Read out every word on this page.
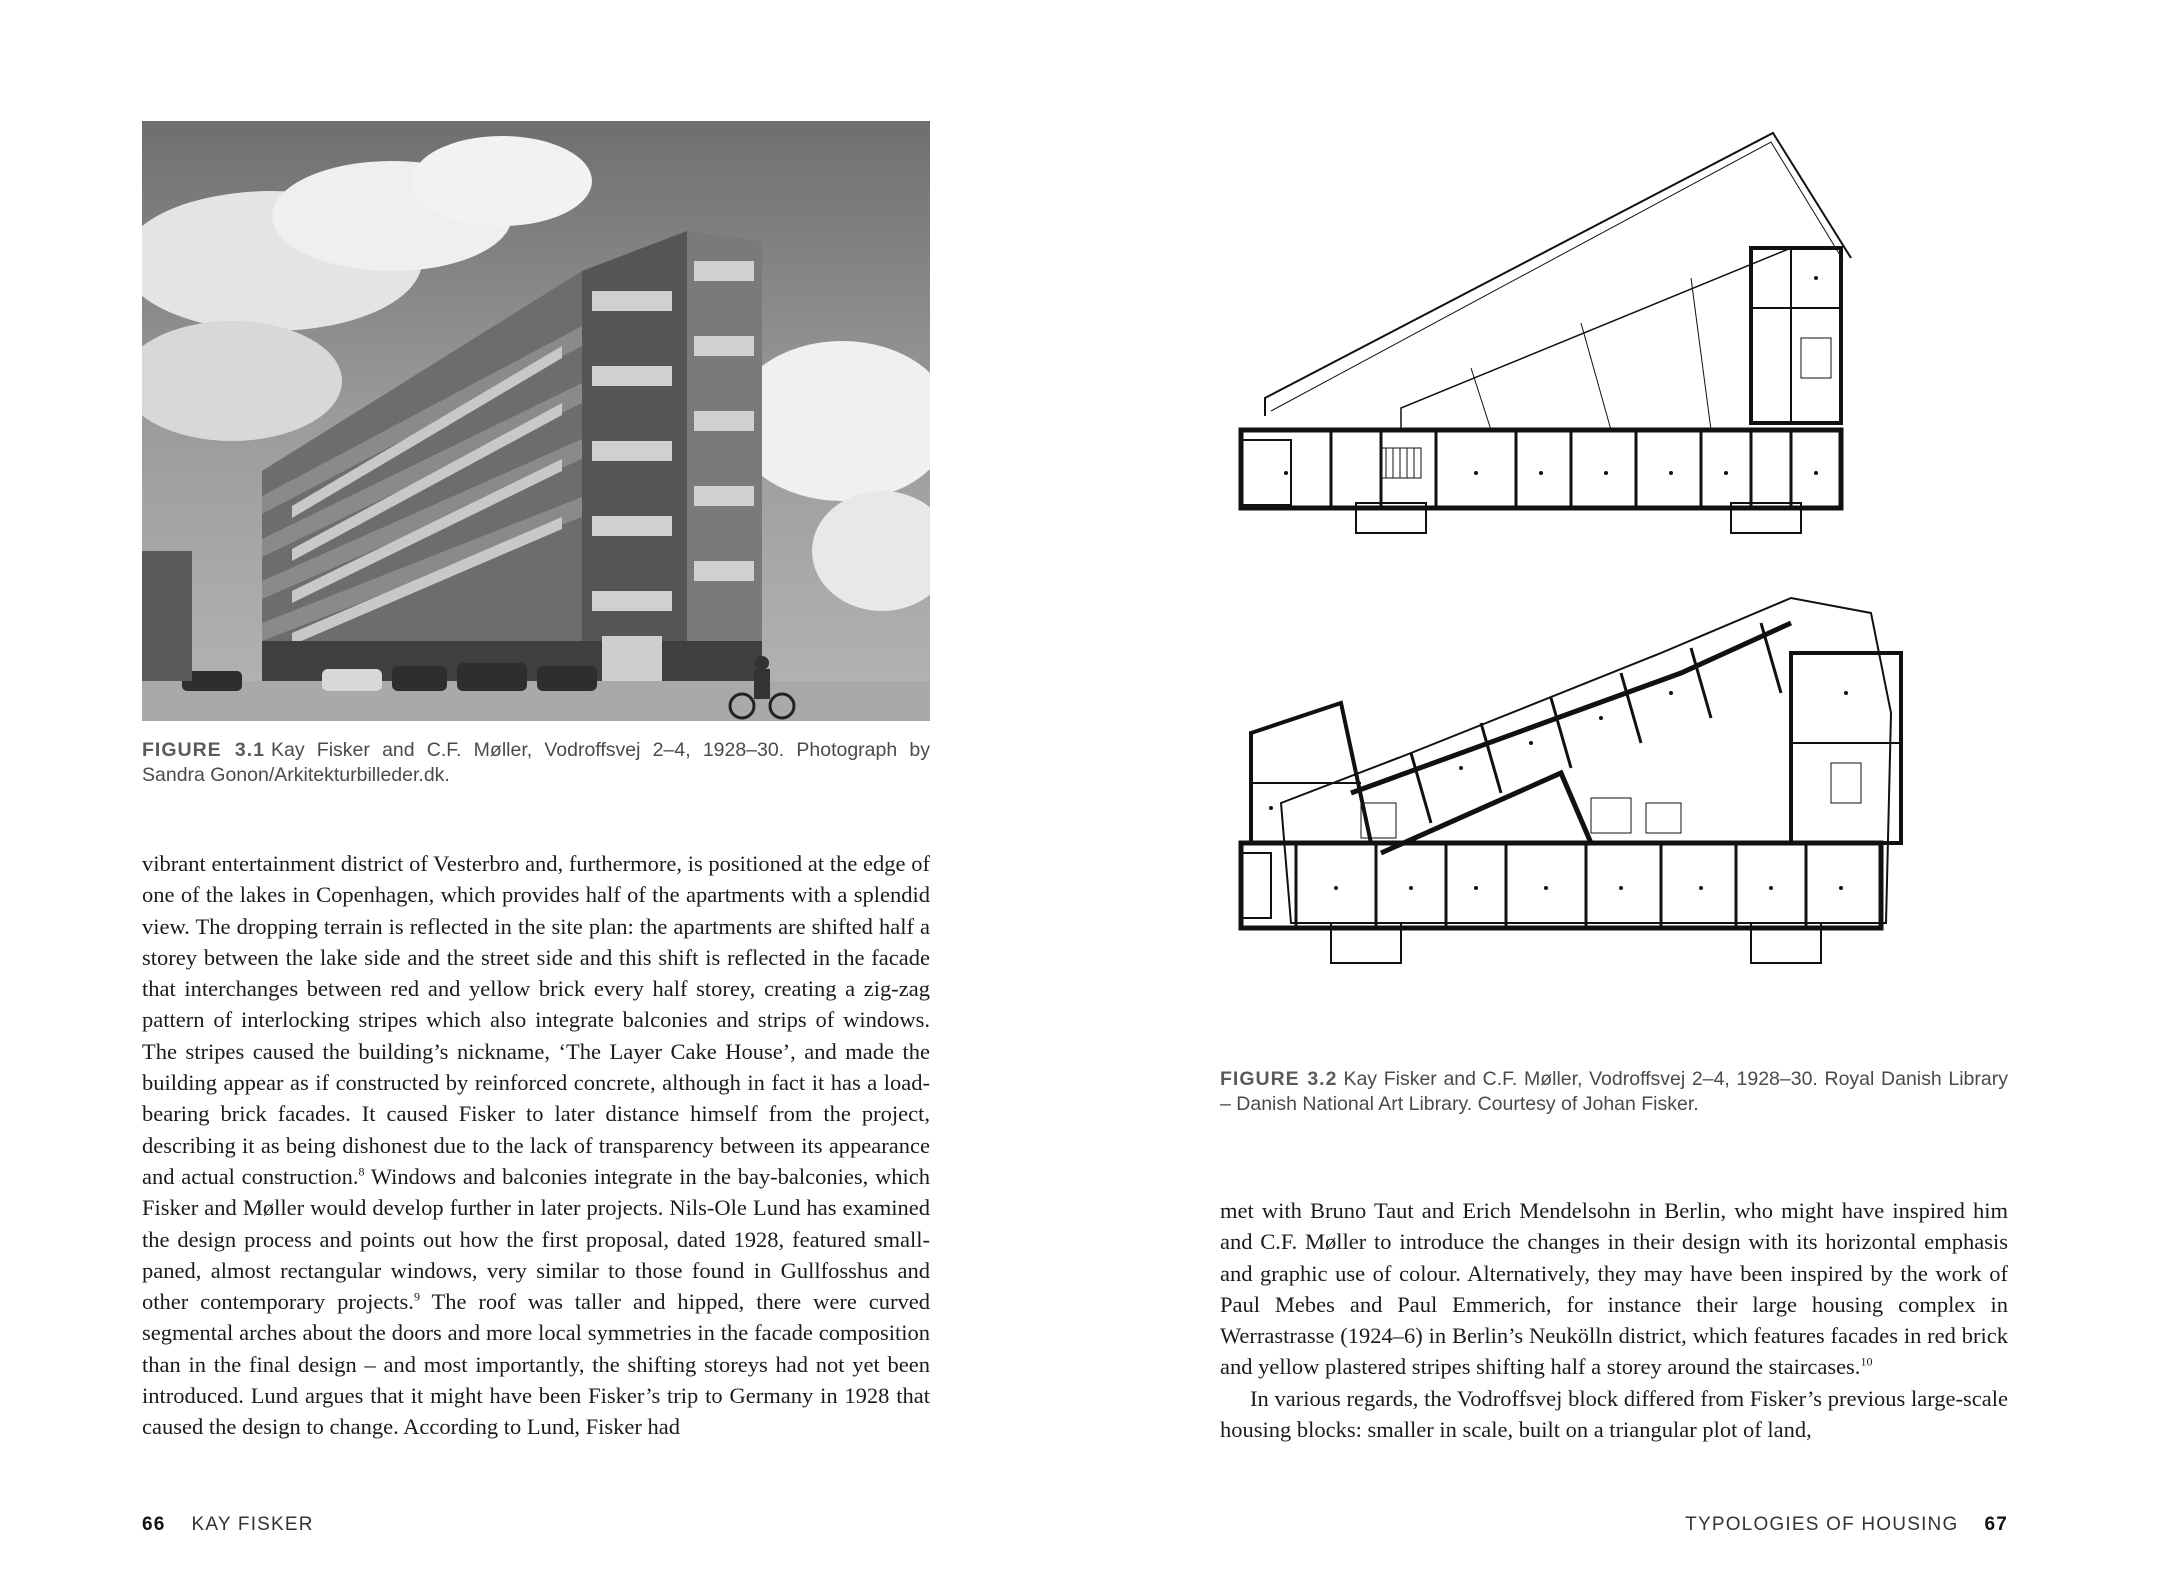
FIGURE 3.1 Kay Fisker and C.F. Møller, Vodroffsvej 2–4, 1928–30. Photograph by Sandra Gonon/Arkitekturbilleder.dk.

vibrant entertainment district of Vesterbro and, furthermore, is positioned at the edge of one of the lakes in Copenhagen, which provides half of the apartments with a splendid view. The dropping terrain is reflected in the site plan: the apartments are shifted half a storey between the lake side and the street side and this shift is reflected in the facade that interchanges between red and yellow brick every half storey, creating a zig-zag pattern of interlocking stripes which also integrate balconies and strips of windows. The stripes caused the building’s nickname, ‘The Layer Cake House’, and made the building appear as if constructed by reinforced concrete, although in fact it has a load-bearing brick facades. It caused Fisker to later distance himself from the project, describing it as being dishonest due to the lack of transparency between its appearance and actual construction.$^8$ Windows and balconies integrate in the bay-balconies, which Fisker and Møller would develop further in later projects. Nils-Ole Lund has examined the design process and points out how the first proposal, dated 1928, featured small-paned, almost rectangular windows, very similar to those found in Gullfosshus and other contemporary projects.$^9$ The roof was taller and hipped, there were curved segmental arches about the doors and more local symmetries in the facade composition than in the final design – and most importantly, the shifting storeys had not yet been introduced. Lund argues that it might have been Fisker’s trip to Germany in 1928 that caused the design to change. According to Lund, Fisker had

66 KAY FISKER
FIGURE 3.2 Kay Fisker and C.F. Møller, Vodroffsvej 2–4, 1928–30. Royal Danish Library – Danish National Art Library. Courtesy of Johan Fisker.

met with Bruno Taut and Erich Mendelsohn in Berlin, who might have inspired him and C.F. Møller to introduce the changes in their design with its horizontal emphasis and graphic use of colour. Alternatively, they may have been inspired by the work of Paul Mebes and Paul Emmerich, for instance their large housing complex in Werrastrasse (1924–6) in Berlin’s Neukölln district, which features facades in red brick and yellow plastered stripes shifting half a storey around the staircases.$^{10}$

In various regards, the Vodroffsvej block differed from Fisker’s previous large-scale housing blocks: smaller in scale, built on a triangular plot of land,

TYPOLOGIES OF HOUSING 67
